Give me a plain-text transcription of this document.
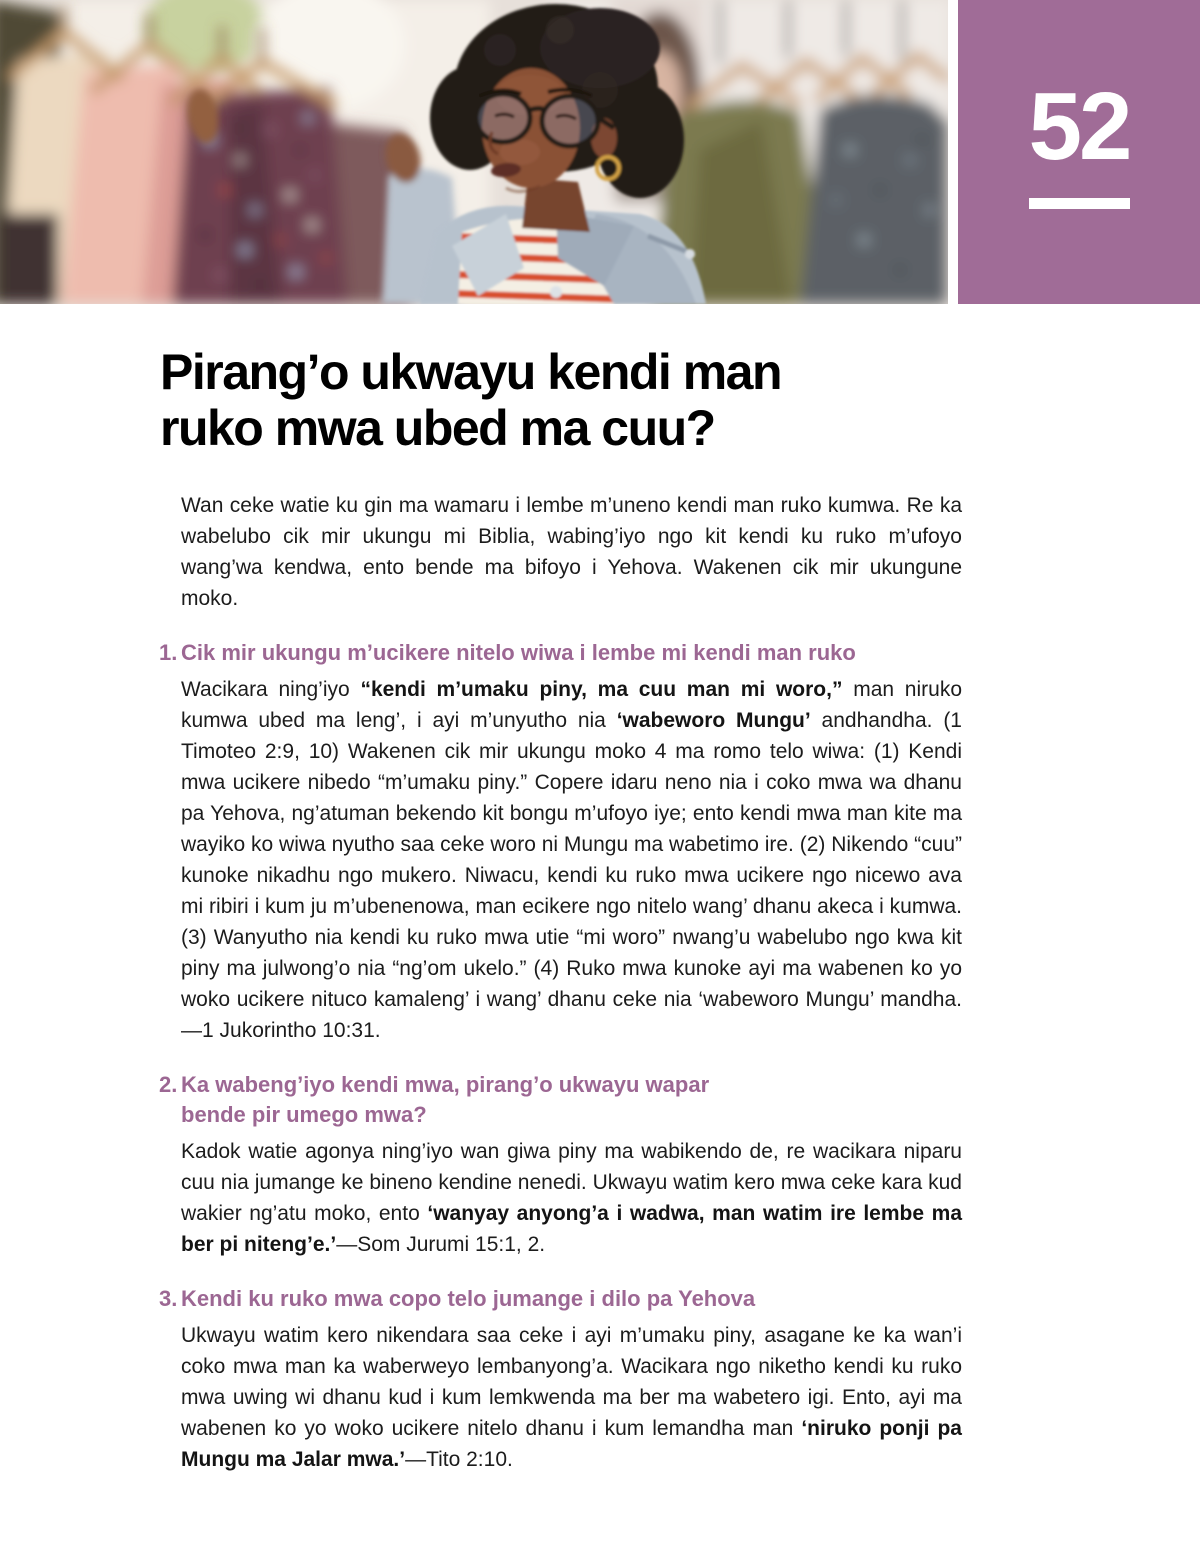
52
Pirang’o ukwayu kendi man ruko mwa ubed ma cuu?

Wan ceke watie ku gin ma wamaru i lembe m’uneno kendi man ruko kumwa. Re ka wabelubo cik mir ukungu mi Biblia, wabing’iyo ngo kit kendi ku ruko m’ufoyo wang’wa kendwa, ento bende ma bifoyo i Yehova. Wakenen cik mir ukungune moko.

1. Cik mir ukungu m’ucikere nitelo wiwa i lembe mi kendi man ruko

Wacikara ning’iyo “kendi m’umaku piny, ma cuu man mi woro,” man niruko kumwa ubed ma leng’, i ayi m’unyutho nia ‘wabeworo Mungu’ andhandha. (1 Timoteo 2:9, 10) Wakenen cik mir ukungu moko 4 ma romo telo wiwa: (1) Kendi mwa ucikere nibedo “m’umaku piny.” Copere idaru neno nia i coko mwa wa dhanu pa Yehova, ng’atuman bekendo kit bongu m’ufoyo iye; ento kendi mwa man kite ma wayiko ko wiwa nyutho saa ceke woro ni Mungu ma wabetimo ire. (2) Nikendo “cuu” kunoke nikadhu ngo mukero. Niwacu, kendi ku ruko mwa ucikere ngo nicewo ava mi ribiri i kum ju m’ubenenowa, man ecikere ngo nitelo wang’ dhanu akeca i kumwa. (3) Wanyutho nia kendi ku ruko mwa utie “mi woro” nwang’u wabelubo ngo kwa kit piny ma julwong’o nia “ng’om ukelo.” (4) Ruko mwa kunoke ayi ma wabenen ko yo woko ucikere nituco kamaleng’ i wang’ dhanu ceke nia ‘wabeworo Mungu’ mandha.—1 Jukorintho 10:31.

2. Ka wabeng’iyo kendi mwa, pirang’o ukwayu wapar
bende pir umego mwa?

Kadok watie agonya ning’iyo wan giwa piny ma wabikendo de, re wacikara niparu cuu nia jumange ke bineno kendine nenedi. Ukwayu watim kero mwa ceke kara kud wakier ng’atu moko, ento ‘wanyay anyong’a i wadwa, man watim ire lembe ma ber pi niteng’e.’—Som Jurumi 15:1, 2.

3. Kendi ku ruko mwa copo telo jumange i dilo pa Yehova

Ukwayu watim kero nikendara saa ceke i ayi m’umaku piny, asagane ke ka wan’i coko mwa man ka waberweyo lembanyong’a. Wacikara ngo niketho kendi ku ruko mwa uwing wi dhanu kud i kum lemkwenda ma ber ma wabetero igi. Ento, ayi ma wabenen ko yo woko ucikere nitelo dhanu i kum lemandha man ‘niruko ponji pa Mungu ma Jalar mwa.’—Tito 2:10.
